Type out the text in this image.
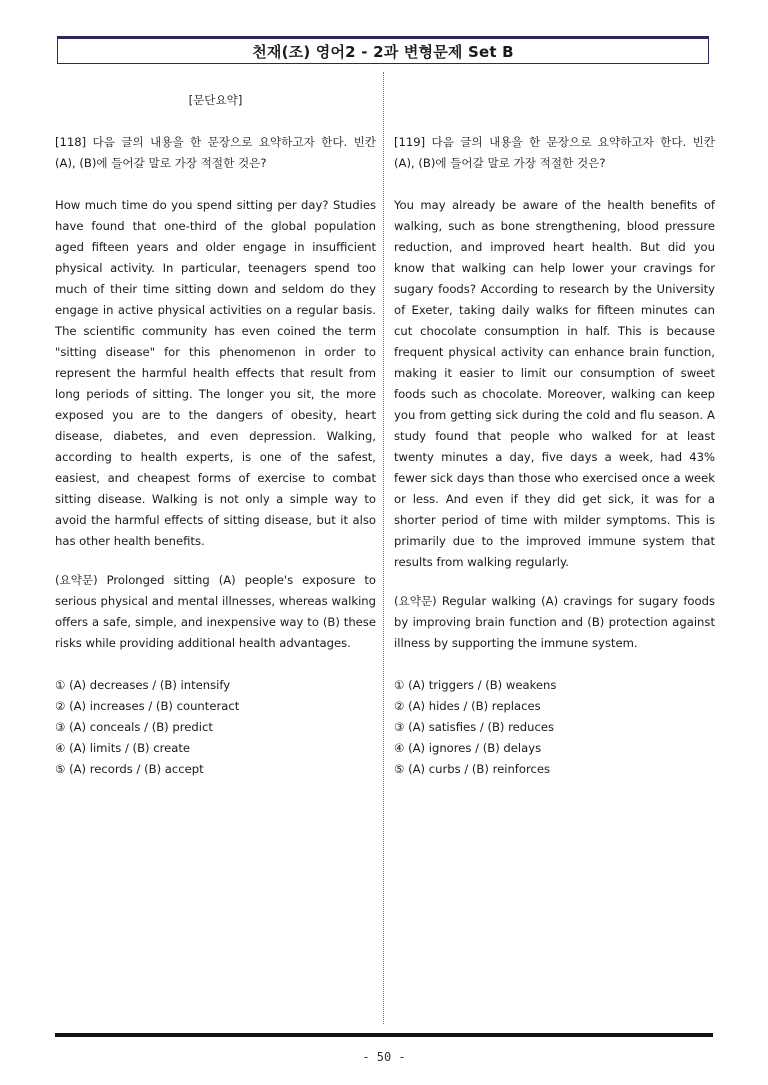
천재(조) 영어2 - 2과 변형문제 Set B
[문단요약]

[118] 다음 글의 내용을 한 문장으로 요약하고자 한다. 빈칸 (A), (B)에 들어갈 말로 가장 적절한 것은?

How much time do you spend sitting per day? Studies have found that one-third of the global population aged fifteen years and older engage in insufficient physical activity. In particular, teenagers spend too much of their time sitting down and seldom do they engage in active physical activities on a regular basis. The scientific community has even coined the term "sitting disease" for this phenomenon in order to represent the harmful health effects that result from long periods of sitting. The longer you sit, the more exposed you are to the dangers of obesity, heart disease, diabetes, and even depression. Walking, according to health experts, is one of the safest, easiest, and cheapest forms of exercise to combat sitting disease. Walking is not only a simple way to avoid the harmful effects of sitting disease, but it also has other health benefits.

(요약문) Prolonged sitting (A) people's exposure to serious physical and mental illnesses, whereas walking offers a safe, simple, and inexpensive way to (B) these risks while providing additional health advantages.

① (A) decreases / (B) intensify

② (A) increases / (B) counteract

③ (A) conceals / (B) predict

④ (A) limits / (B) create

⑤ (A) records / (B) accept

[119] 다음 글의 내용을 한 문장으로 요약하고자 한다. 빈칸 (A), (B)에 들어갈 말로 가장 적절한 것은?

You may already be aware of the health benefits of walking, such as bone strengthening, blood pressure reduction, and improved heart health. But did you know that walking can help lower your cravings for sugary foods? According to research by the University of Exeter, taking daily walks for fifteen minutes can cut chocolate consumption in half. This is because frequent physical activity can enhance brain function, making it easier to limit our consumption of sweet foods such as chocolate. Moreover, walking can keep you from getting sick during the cold and flu season. A study found that people who walked for at least twenty minutes a day, five days a week, had 43% fewer sick days than those who exercised once a week or less. And even if they did get sick, it was for a shorter period of time with milder symptoms. This is primarily due to the improved immune system that results from walking regularly.

(요약문) Regular walking (A) cravings for sugary foods by improving brain function and (B) protection against illness by supporting the immune system.

① (A) triggers / (B) weakens

② (A) hides / (B) replaces

③ (A) satisfies / (B) reduces

④ (A) ignores / (B) delays

⑤ (A) curbs / (B) reinforces

- 50 -
